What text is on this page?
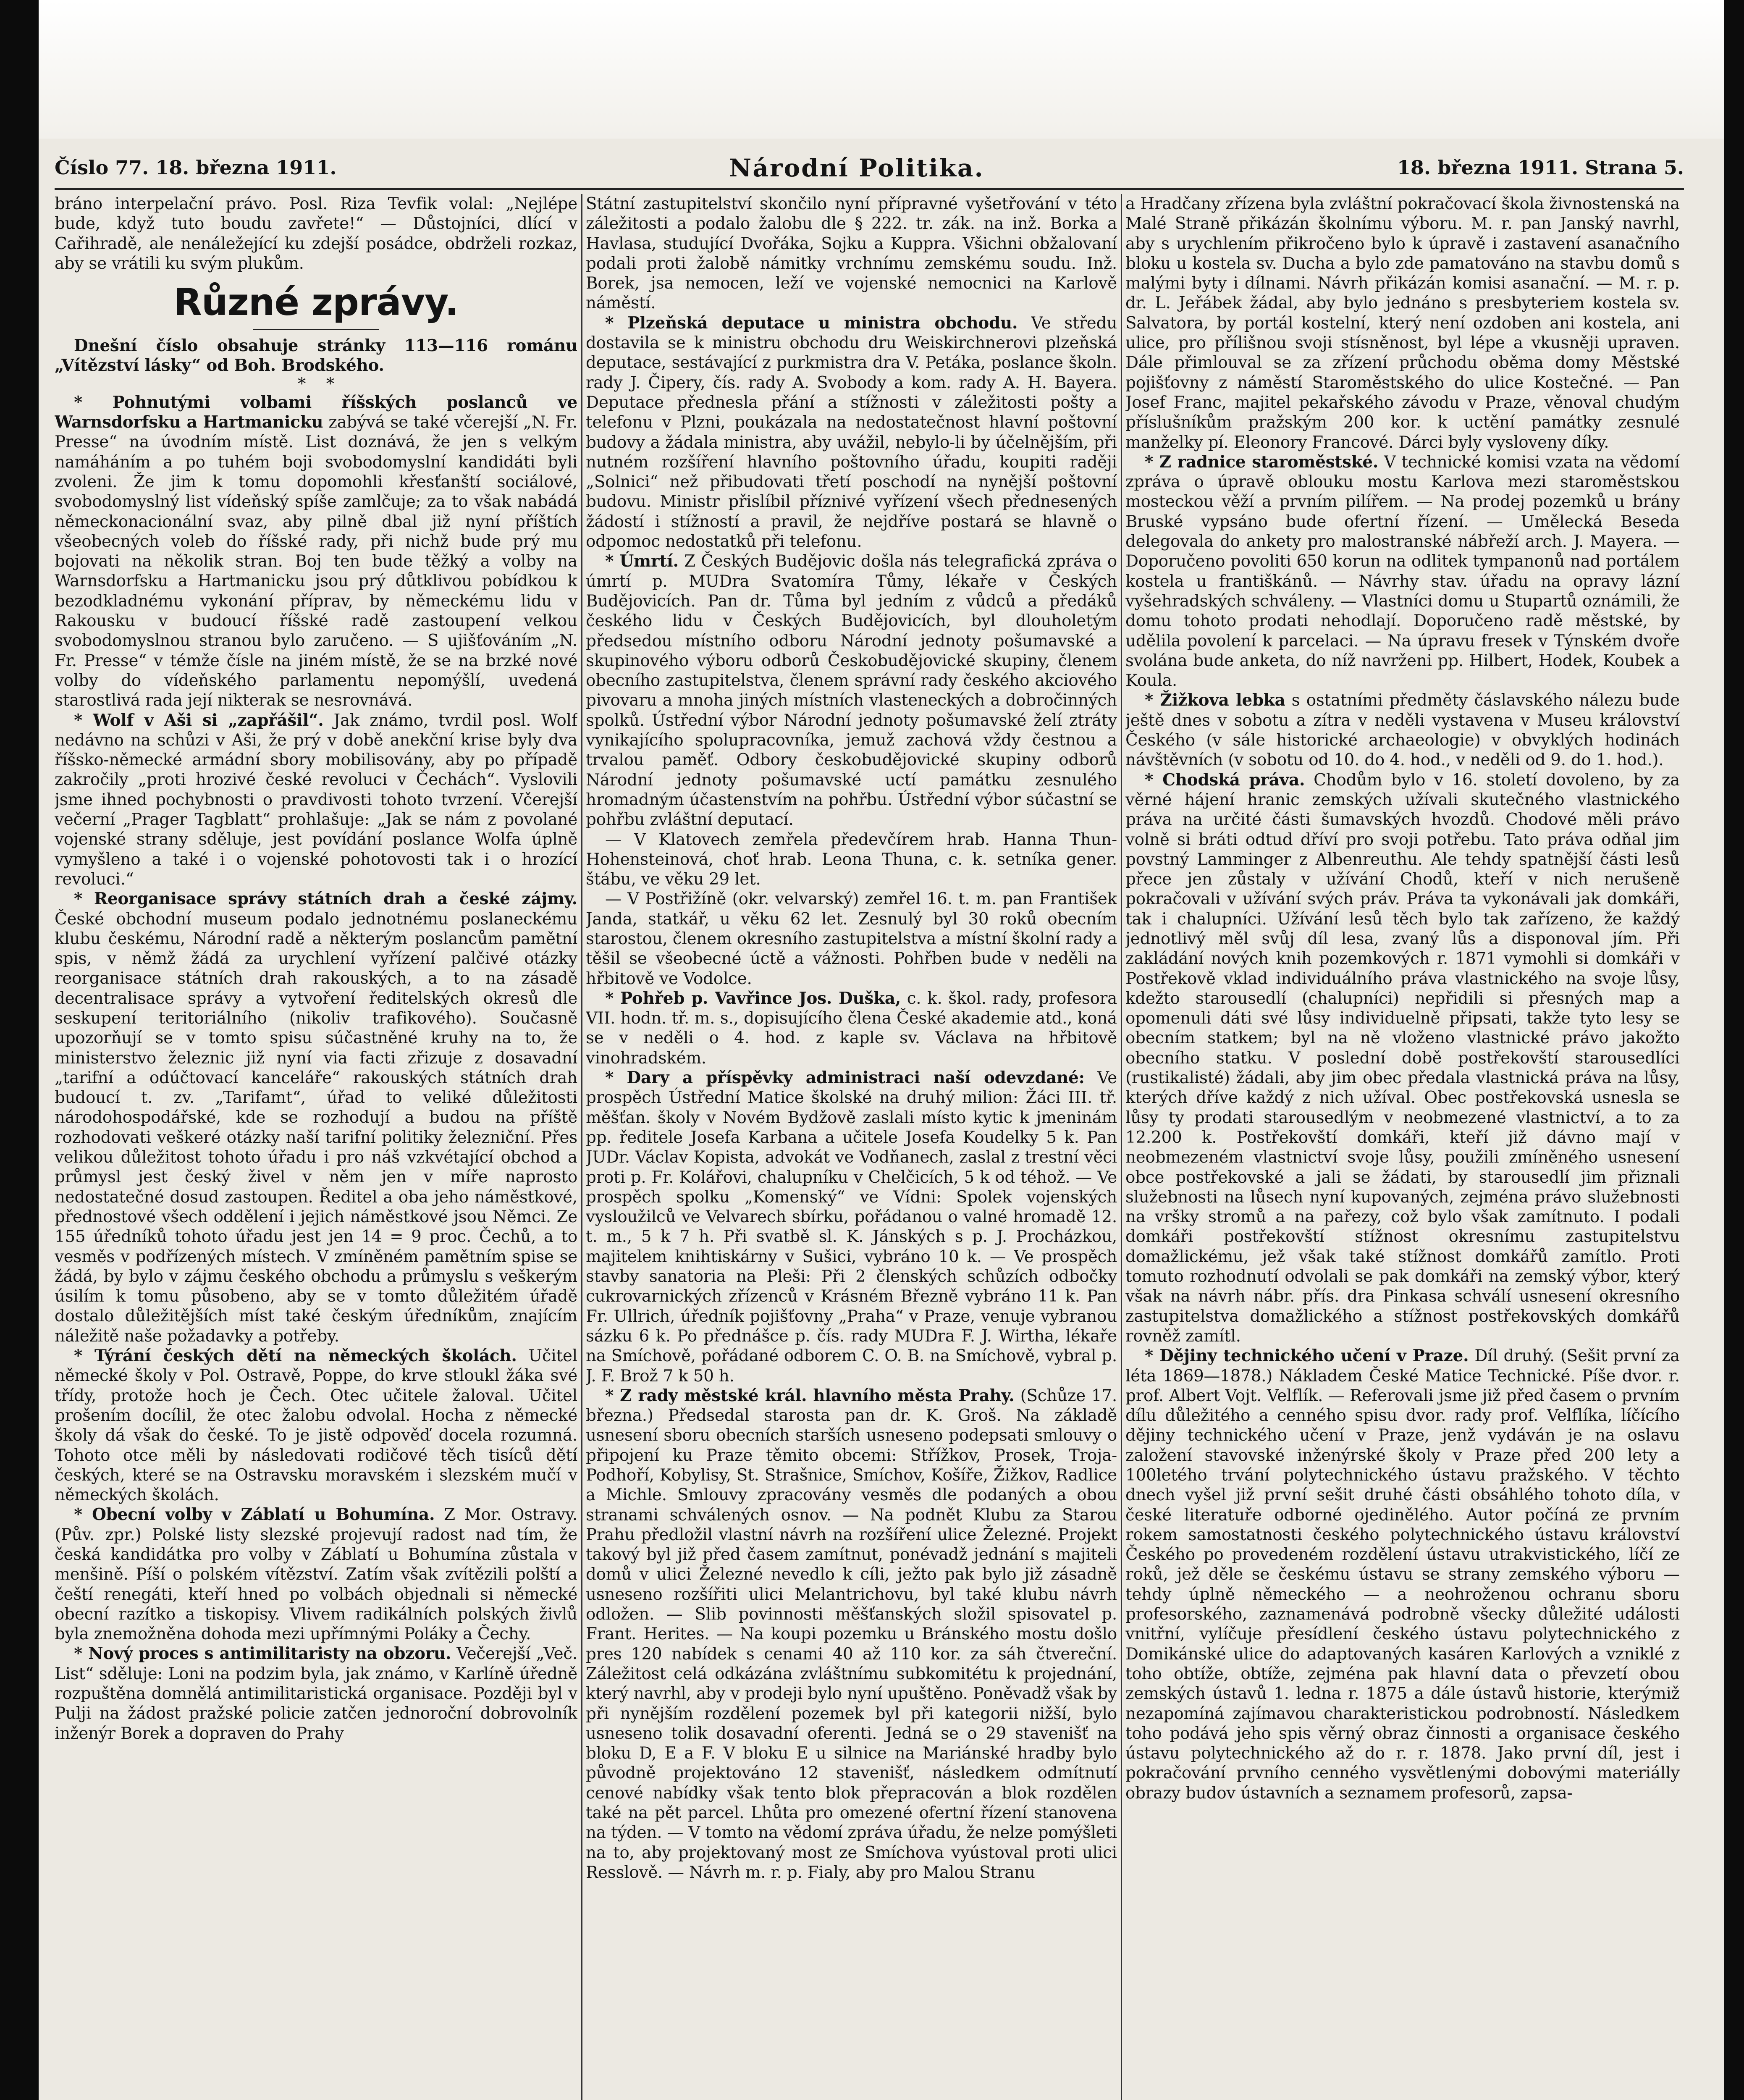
Číslo 77. 18. března 1911.	Národní Politika.	18. března 1911. Strana 5.

bráno interpelační právo. Posl. Riza Tevfik volal: „Nejlépe bude, když tuto boudu zavřete!“ — Důstojníci, dlící v Cařihradě, ale nenáležející ku zdejší posádce, obdrželi rozkaz, aby se vrátili ku svým plukům.

Různé zprávy.

Dnešní číslo obsahuje stránky 113—116 románu „Vítězství lásky“ od Boh. Brodského.

*    *

* Pohnutými volbami říšských poslanců ve Warnsdorfsku a Hartmanicku zabývá se také včerejší „N. Fr. Presse“ na úvodním místě. List doznává, že jen s velkým namáháním a po tuhém boji svobodomyslní kandidáti byli zvoleni. Že jim k tomu dopomohli křesťanští sociálové, svobodomyslný list vídeňský spíše zamlčuje; za to však nabádá německonacionální svaz, aby pilně dbal již nyní příštích všeobecných voleb do říšské rady, při nichž bude prý mu bojovati na několik stran. Boj ten bude těžký a volby na Warnsdorfsku a Hartmanicku jsou prý důtklivou pobídkou k bezodkladnému vykonání příprav, by německému lidu v Rakousku v budoucí říšské radě zastoupení velkou svobodomyslnou stranou bylo zaručeno. — S ujišťováním „N. Fr. Presse“ v témže čísle na jiném místě, že se na brzké nové volby do vídeňského parlamentu nepomýšlí, uvedená starostlivá rada její nikterak se nesrovnává.

* Wolf v Aši si „zapřášil“. Jak známo, tvrdil posl. Wolf nedávno na schůzi v Aši, že prý v době anekční krise byly dva říšsko-německé armádní sbory mobilisovány, aby po případě zakročily „proti hrozivé české revoluci v Čechách“. Vyslovili jsme ihned pochybnosti o pravdivosti tohoto tvrzení. Včerejší večerní „Prager Tagblatt“ prohlašuje: „Jak se nám z povolané vojenské strany sděluje, jest povídání poslance Wolfa úplně vymyšleno a také i o vojenské pohotovosti tak i o hrozící revoluci.“

* Reorganisace správy státních drah a české zájmy. České obchodní museum podalo jednotnému poslaneckému klubu českému, Národní radě a některým poslancům pamětní spis, v němž žádá za urychlení vyřízení palčivé otázky reorganisace státních drah rakouských, a to na zásadě decentralisace správy a vytvoření ředitelských okresů dle seskupení teritoriálního (nikoliv trafikového). Současně upozorňují se v tomto spisu súčastněné kruhy na to, že ministerstvo železnic již nyní via facti zřizuje z dosavadní „tarifní a odúčtovací kanceláře“ rakouských státních drah budoucí t. zv. „Tarifamt“, úřad to veliké důležitosti národohospodářské, kde se rozhodují a budou na příště rozhodovati veškeré otázky naší tarifní politiky železniční. Přes velikou důležitost tohoto úřadu i pro náš vzkvétající obchod a průmysl jest český živel v něm jen v míře naprosto nedostatečné dosud zastoupen. Ředitel a oba jeho náměstkové, přednostové všech oddělení i jejich náměstkové jsou Němci. Ze 155 úředníků tohoto úřadu jest jen 14 = 9 proc. Čechů, a to vesměs v podřízených místech. V zmíněném pamětním spise se žádá, by bylo v zájmu českého obchodu a průmyslu s veškerým úsilím k tomu působeno, aby se v tomto důležitém úřadě dostalo důležitějších míst také českým úředníkům, znajícím náležitě naše požadavky a potřeby.

* Týrání českých dětí na německých školách. Učitel německé školy v Pol. Ostravě, Poppe, do krve stloukl žáka své třídy, protože hoch je Čech. Otec učitele žaloval. Učitel prošením docílil, že otec žalobu odvolal. Hocha z německé školy dá však do české. To je jistě odpověď docela rozumná. Tohoto otce měli by následovati rodičové těch tisíců dětí českých, které se na Ostravsku moravském i slezském mučí v německých školách.

* Obecní volby v Záblatí u Bohumína. Z Mor. Ostravy. (Pův. zpr.) Polské listy slezské projevují radost nad tím, že česká kandidátka pro volby v Záblatí u Bohumína zůstala v menšině. Píší o polském vítězství. Zatím však zvítězili polští a čeští renegáti, kteří hned po volbách objednali si německé obecní razítko a tiskopisy. Vlivem radikálních polských živlů byla znemožněna dohoda mezi upřímnými Poláky a Čechy.

* Nový proces s antimilitaristy na obzoru. Večerejší „Več. List“ sděluje: Loni na podzim byla, jak známo, v Karlíně úředně rozpuštěna domnělá antimilitaristická organisace. Později byl v Pulji na žádost pražské policie zatčen jednoroční dobrovolník inženýr Borek a dopraven do Prahy

Státní zastupitelství skončilo nyní přípravné vyšetřování v této záležitosti a podalo žalobu dle § 222. tr. zák. na inž. Borka a Havlasa, studující Dvořáka, Sojku a Kuppra. Všichni obžalovaní podali proti žalobě námitky vrchnímu zemskému soudu. Inž. Borek, jsa nemocen, leží ve vojenské nemocnici na Karlově náměstí.

* Plzeňská deputace u ministra obchodu. Ve středu dostavila se k ministru obchodu dru Weiskirchnerovi plzeňská deputace, sestávající z purkmistra dra V. Petáka, poslance školn. rady J. Čipery, čís. rady A. Svobody a kom. rady A. H. Bayera. Deputace přednesla přání a stížnosti v záležitosti pošty a telefonu v Plzni, poukázala na nedostatečnost hlavní poštovní budovy a žádala ministra, aby uvážil, nebylo-li by účelnějším, při nutném rozšíření hlavního poštovního úřadu, koupiti raději „Solnici“ než přibudovati třetí poschodí na nynější poštovní budovu. Ministr přislíbil příznivé vyřízení všech přednesených žádostí i stížností a pravil, že nejdříve postará se hlavně o odpomoc nedostatků při telefonu.

* Úmrtí. Z Českých Budějovic došla nás telegrafická zpráva o úmrtí p. MUDra Svatomíra Tůmy, lékaře v Českých Budějovicích. Pan dr. Tůma byl jedním z vůdců a předáků českého lidu v Českých Budějovicích, byl dlouholetým předsedou místního odboru Národní jednoty pošumavské a skupinového výboru odborů Českobudějovické skupiny, členem obecního zastupitelstva, členem správní rady českého akciového pivovaru a mnoha jiných místních vlasteneckých a dobročinných spolků. Ústřední výbor Národní jednoty pošumavské želí ztráty vynikajícího spolupracovníka, jemuž zachová vždy čestnou a trvalou paměť. Odbory českobudějovické skupiny odborů Národní jednoty pošumavské uctí památku zesnulého hromadným účastenstvím na pohřbu. Ústřední výbor súčastní se pohřbu zvláštní deputací.

— V Klatovech zemřela předevčírem hrab. Hanna Thun-Hohensteinová, choť hrab. Leona Thuna, c. k. setníka gener. štábu, ve věku 29 let.

— V Postřižíně (okr. velvarský) zemřel 16. t. m. pan František Janda, statkář, u věku 62 let. Zesnulý byl 30 roků obecním starostou, členem okresního zastupitelstva a místní školní rady a těšil se všeobecné úctě a vážnosti. Pohřben bude v neděli na hřbitově ve Vodolce.

* Pohřeb p. Vavřince Jos. Duška, c. k. škol. rady, profesora VII. hodn. tř. m. s., dopisujícího člena České akademie atd., koná se v neděli o 4. hod. z kaple sv. Václava na hřbitově vinohradském.

* Dary a příspěvky administraci naší odevzdané: Ve prospěch Ústřední Matice školské na druhý milion: Žáci III. tř. měšťan. školy v Novém Bydžově zaslali místo kytic k jmeninám pp. ředitele Josefa Karbana a učitele Josefa Koudelky 5 k. Pan JUDr. Václav Kopista, advokát ve Vodňanech, zaslal z trestní věci proti p. Fr. Kolářovi, chalupníku v Chelčicích, 5 k od téhož. — Ve prospěch spolku „Komenský“ ve Vídni: Spolek vojenských vysloužilců ve Velvarech sbírku, pořádanou o valné hromadě 12. t. m., 5 k 7 h. Při svatbě sl. K. Jánských s p. J. Procházkou, majitelem knihtiskárny v Sušici, vybráno 10 k. — Ve prospěch stavby sanatoria na Pleši: Při 2 členských schůzích odbočky cukrovarnických zřízenců v Krásném Březně vybráno 11 k. Pan Fr. Ullrich, úředník pojišťovny „Praha“ v Praze, venuje vybranou sázku 6 k. Po přednášce p. čís. rady MUDra F. J. Wirtha, lékaře na Smíchově, pořádané odborem C. O. B. na Smíchově, vybral p. J. F. Brož 7 k 50 h.

* Z rady městské král. hlavního města Prahy. (Schůze 17. března.) Předsedal starosta pan dr. K. Groš. Na základě usnesení sboru obecních starších usneseno podepsati smlouvy o připojení ku Praze těmito obcemi: Střížkov, Prosek, Troja-Podhoří, Kobylisy, St. Strašnice, Smíchov, Košíře, Žižkov, Radlice a Michle. Smlouvy zpracovány vesměs dle podaných a obou stranami schválených osnov. — Na podnět Klubu za Starou Prahu předložil vlastní návrh na rozšíření ulice Železné. Projekt takový byl již před časem zamítnut, ponévadž jednání s majiteli domů v ulici Železné nevedlo k cíli, ježto pak bylo již zásadně usneseno rozšířiti ulici Melantrichovu, byl také klubu návrh odložen. — Slib povinnosti měšťanských složil spisovatel p. Frant. Herites. — Na koupi pozemku u Bránského mostu došlo pres 120 nabídek s cenami 40 až 110 kor. za sáh čtvereční. Záležitost celá odkázána zvláštnímu subkomitétu k projednání, který navrhl, aby v prodeji bylo nyní upuštěno. Poněvadž však by při nynějším rozdělení pozemek byl při kategorii nižší, bylo usneseno tolik dosavadní oferenti. Jedná se o 29 stavenišť na bloku D, E a F. V bloku E u silnice na Mariánské hradby bylo původně projektováno 12 stavenišť, následkem odmítnutí cenové nabídky však tento blok přepracován a blok rozdělen také na pět parcel. Lhůta pro omezené ofertní řízení stanovena na týden. — V tomto na vědomí zpráva úřadu, že nelze pomýšleti na to, aby projektovaný most ze Smíchova vyústoval proti ulici Resslově. — Návrh m. r. p. Fialy, aby pro Malou Stranu

a Hradčany zřízena byla zvláštní pokračovací škola živnostenská na Malé Straně přikázán školnímu výboru. M. r. pan Janský navrhl, aby s urychlením přikročeno bylo k úpravě i zastavení asanačního bloku u kostela sv. Ducha a bylo zde pamatováno na stavbu domů s malými byty i dílnami. Návrh přikázán komisi asanační. — M. r. p. dr. L. Jeřábek žádal, aby bylo jednáno s presbyteriem kostela sv. Salvatora, by portál kostelní, který není ozdoben ani kostela, ani ulice, pro přílišnou svoji stísněnost, byl lépe a vkusněji upraven. Dále přimlouval se za zřízení průchodu oběma domy Městské pojišťovny z náměstí Staroměstského do ulice Kostečné. — Pan Josef Franc, majitel pekařského závodu v Praze, věnoval chudým příslušníkům pražským 200 kor. k uctění památky zesnulé manželky pí. Eleonory Francové. Dárci byly vysloveny díky.

* Z radnice staroměstské. V technické komisi vzata na vědomí zpráva o úpravě oblouku mostu Karlova mezi staroměstskou mosteckou věží a prvním pilířem. — Na prodej pozemků u brány Bruské vypsáno bude ofertní řízení. — Umělecká Beseda delegovala do ankety pro malostranské nábřeží arch. J. Mayera. — Doporučeno povoliti 650 korun na odlitek tympanonů nad portálem kostela u františkánů. — Návrhy stav. úřadu na opravy lázní vyšehradských schváleny. — Vlastníci domu u Stupartů oznámili, že domu tohoto prodati nehodlají. Doporučeno radě městské, by udělila povolení k parcelaci. — Na úpravu fresek v Týnském dvoře svolána bude anketa, do níž navrženi pp. Hilbert, Hodek, Koubek a Koula.

* Žižkova lebka s ostatními předměty čáslavského nálezu bude ještě dnes v sobotu a zítra v neděli vystavena v Museu království Českého (v sále historické archaeologie) v obvyklých hodinách návštěvních (v sobotu od 10. do 4. hod., v neděli od 9. do 1. hod.).

* Chodská práva. Chodům bylo v 16. století dovoleno, by za věrné hájení hranic zemských užívali skutečného vlastnického práva na určité části šumavských hvozdů. Chodové měli právo volně si bráti odtud dříví pro svoji potřebu. Tato práva odňal jim povstný Lamminger z Albenreuthu. Ale tehdy spatnější části lesů přece jen zůstaly v užívání Chodů, kteří v nich nerušeně pokračovali v užívání svých práv. Práva ta vykonávali jak domkáři, tak i chalupníci. Užívání lesů těch bylo tak zařízeno, že každý jednotlivý měl svůj díl lesa, zvaný lůs a disponoval jím. Při zakládání nových knih pozemkových r. 1871 vymohli si domkáři v Postřekově vklad individuálního práva vlastnického na svoje lůsy, kdežto starousedlí (chalupníci) nepřidili si přesných map a opomenuli dáti své lůsy individuelně připsati, takže tyto lesy se obecním statkem; byl na ně vloženo vlastnické právo jakožto obecního statku. V poslední době postřekovští starousedlíci (rustikalisté) žádali, aby jim obec předala vlastnická práva na lůsy, kterých dříve každý z nich užíval. Obec postřekovská usnesla se lůsy ty prodati starousedlým v neobmezené vlastnictví, a to za 12.200 k. Postřekovští domkáři, kteří již dávno mají v neobmezeném vlastnictví svoje lůsy, použili zmíněného usnesení obce postřekovské a jali se žádati, by starousedlí jim přiznali služebnosti na lůsech nyní kupovaných, zejména právo služebnosti na vršky stromů a na pařezy, což bylo však zamítnuto. I podali domkáři postřekovští stížnost okresnímu zastupitelstvu domažlickému, jež však také stížnost domkářů zamítlo. Proti tomuto rozhodnutí odvolali se pak domkáři na zemský výbor, který však na návrh nábr. přís. dra Pinkasa schválí usnesení okresního zastupitelstva domažlického a stížnost postřekovských domkářů rovněž zamítl.

* Dějiny technického učení v Praze. Díl druhý. (Sešit první za léta 1869—1878.) Nákladem České Matice Technické. Píše dvor. r. prof. Albert Vojt. Velflík. — Referovali jsme již před časem o prvním dílu důležitého a cenného spisu dvor. rady prof. Velflíka, líčícího dějiny technického učení v Praze, jenž vydáván je na oslavu založení stavovské inženýrské školy v Praze před 200 lety a 100letého trvání polytechnického ústavu pražského. V těchto dnech vyšel již první sešit druhé části obsáhlého tohoto díla, v české literatuře odborné ojedinělého. Autor počíná ze prvním rokem samostatnosti českého polytechnického ústavu království Českého po provedeném rozdělení ústavu utrakvistického, líčí ze roků, jež děle se českému ústavu se strany zemského výboru — tehdy úplně německého — a neohroženou ochranu sboru profesorského, zaznamenává podrobně všecky důležité události vnitřní, vylíčuje přesídlení českého ústavu polytechnického z Domikánské ulice do adaptovaných kasáren Karlových a vzniklé z toho obtíže, obtíže, zejména pak hlavní data o převzetí obou zemských ústavů 1. ledna r. 1875 a dále ústavů historie, kterýmiž nezapomíná zajímavou charakteristickou podrobností. Následkem toho podává jeho spis věrný obraz činnosti a organisace českého ústavu polytechnického až do r. r. 1878. Jako první díl, jest i pokračování prvního cenného vysvětlenými dobovými materiálly obrazy budov ústavních a seznamem profesorů, zapsa-
